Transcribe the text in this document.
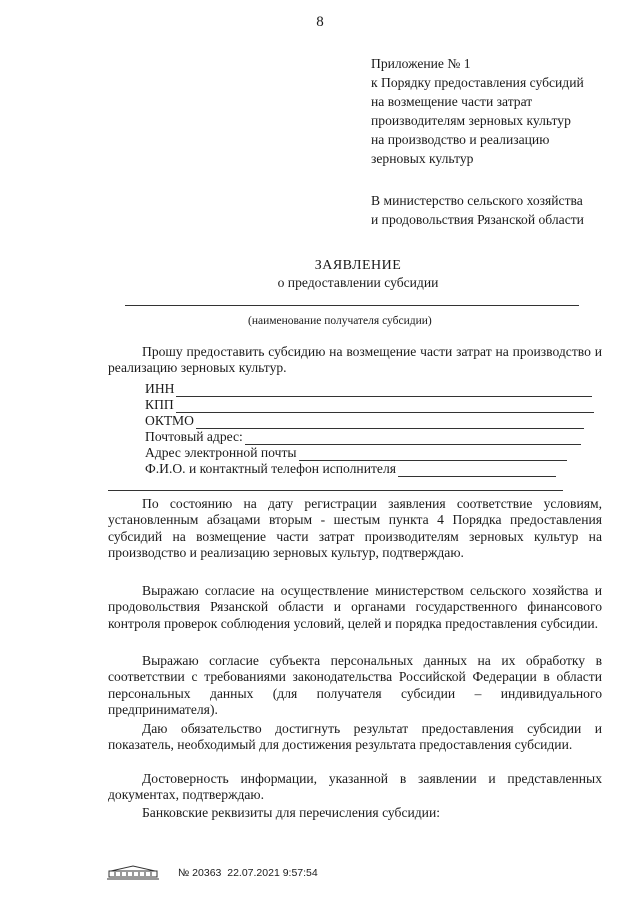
8
Приложение № 1
к Порядку предоставления субсидий
на возмещение части затрат
производителям зерновых культур
на производство и реализацию
зерновых культур
В министерство сельского хозяйства
и продовольствия Рязанской области
ЗАЯВЛЕНИЕ
о предоставлении субсидии
(наименование получателя субсидии)
Прошу предоставить субсидию на возмещение части затрат на производство и реализацию зерновых культур.
ИНН
КПП
ОКТМО
Почтовый адрес:
Адрес электронной почты
Ф.И.О. и контактный телефон исполнителя
По состоянию на дату регистрации заявления соответствие условиям, установленным абзацами вторым - шестым пункта 4 Порядка предоставления субсидий на возмещение части затрат производителям зерновых культур на производство и реализацию зерновых культур, подтверждаю.
Выражаю согласие на осуществление министерством сельского хозяйства и продовольствия Рязанской области и органами государственного финансового контроля проверок соблюдения условий, целей и порядка предоставления субсидии.
Выражаю согласие субъекта персональных данных на их обработку в соответствии с требованиями законодательства Российской Федерации в области персональных данных (для получателя субсидии – индивидуального предпринимателя).
Даю обязательство достигнуть результат предоставления субсидии и показатель, необходимый для достижения результата предоставления субсидии.
Достоверность информации, указанной в заявлении и представленных документах, подтверждаю.
Банковские реквизиты для перечисления субсидии:
№ 20363 22.07.2021 9:57:54
